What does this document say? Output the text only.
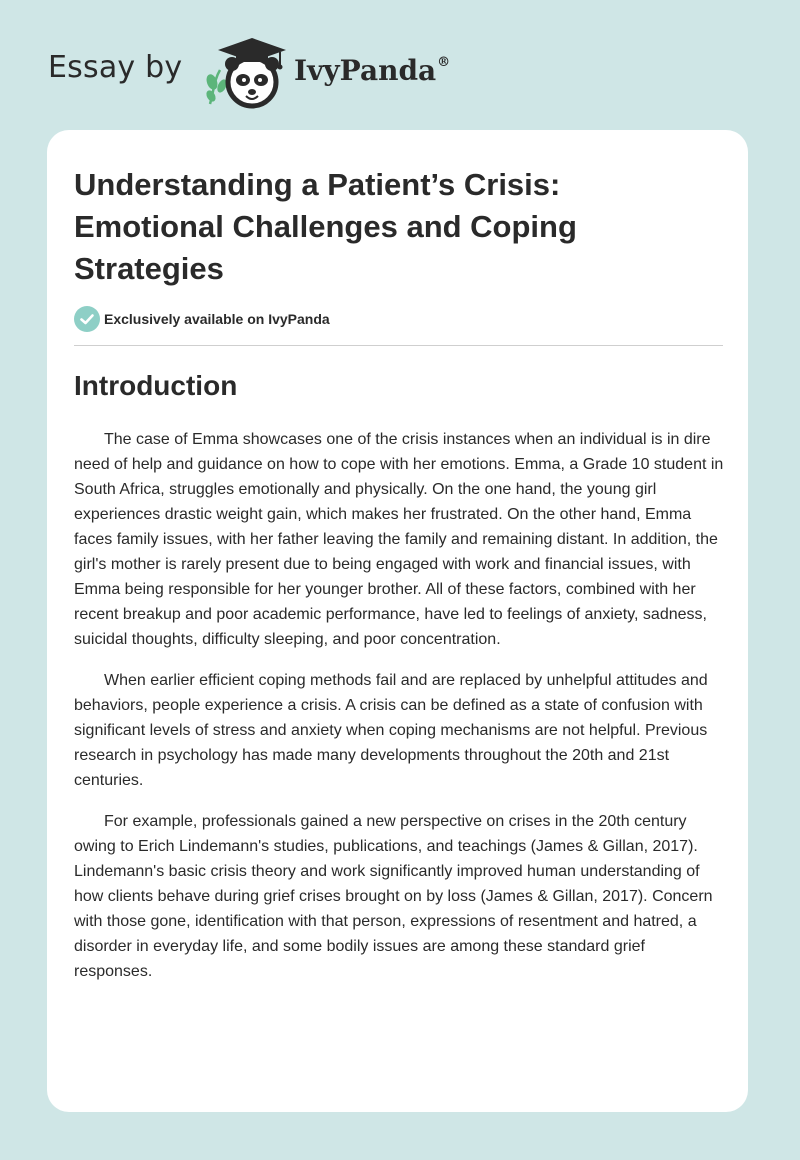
Essay by	IvyPanda®
Understanding a Patient’s Crisis: Emotional Challenges and Coping Strategies
Exclusively available on IvyPanda
Introduction

The case of Emma showcases one of the crisis instances when an individual is in dire need of help and guidance on how to cope with her emotions. Emma, a Grade 10 student in South Africa, struggles emotionally and physically. On the one hand, the young girl experiences drastic weight gain, which makes her frustrated. On the other hand, Emma faces family issues, with her father leaving the family and remaining distant. In addition, the girl's mother is rarely present due to being engaged with work and financial issues, with Emma being responsible for her younger brother. All of these factors, combined with her recent breakup and poor academic performance, have led to feelings of anxiety, sadness, suicidal thoughts, difficulty sleeping, and poor concentration.

When earlier efficient coping methods fail and are replaced by unhelpful attitudes and behaviors, people experience a crisis. A crisis can be defined as a state of confusion with significant levels of stress and anxiety when coping mechanisms are not helpful. Previous research in psychology has made many developments throughout the 20th and 21st centuries.

For example, professionals gained a new perspective on crises in the 20th century owing to Erich Lindemann's studies, publications, and teachings (James & Gillan, 2017). Lindemann's basic crisis theory and work significantly improved human understanding of how clients behave during grief crises brought on by loss (James & Gillan, 2017). Concern with those gone, identification with that person, expressions of resentment and hatred, a disorder in everyday life, and some bodily issues are among these standard grief responses.
